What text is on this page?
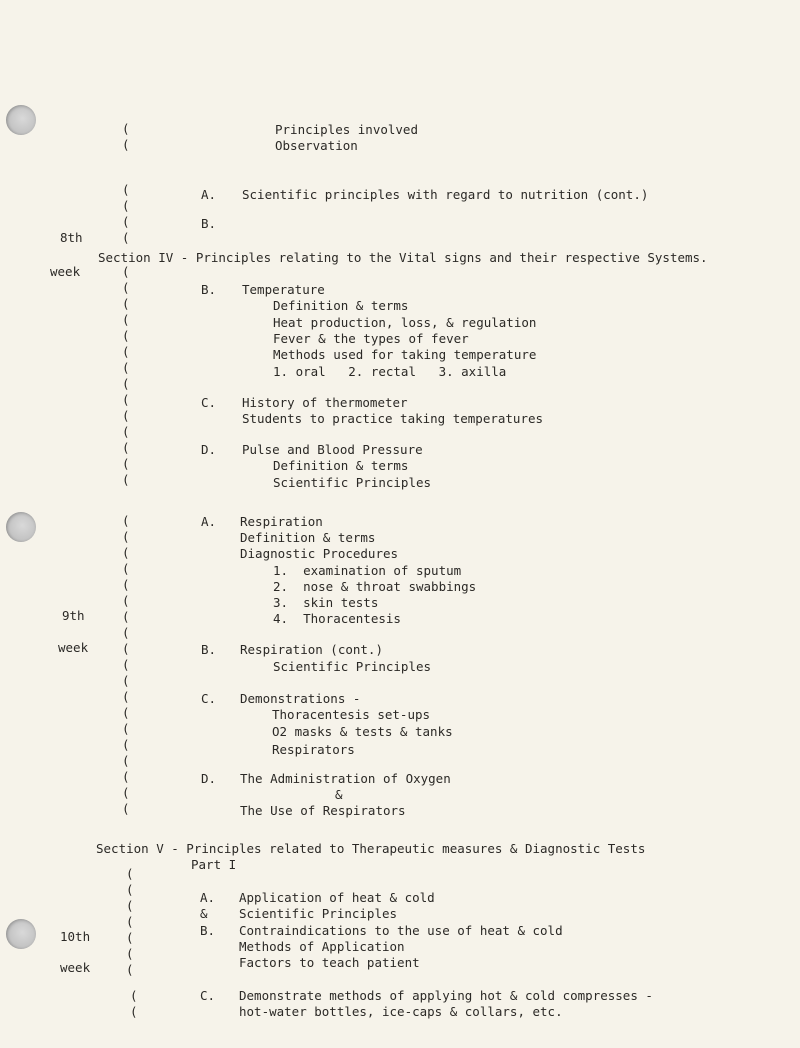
8th
week
9th
week
10th
week
(
(
(
(
(
(
(
(
(
(
(
(
(
(
(
(
(
(
(
(
(
(
(
(
(
(
(
(
(
(
(
(
(
(
(
(
(
(
(
(
(
(
(
(
(
(
(
(
Principles involved
Observation
A. Scientific principles with regard to nutrition (cont.)
B.
Section IV - Principles relating to the Vital signs and their respective Systems.
B. Temperature
Definition & terms
Heat production, loss, & regulation
Fever & the types of fever
Methods used for taking temperature
1. oral   2. rectal   3. axilla
C. History of thermometer
Students to practice taking temperatures
D. Pulse and Blood Pressure
Definition & terms
Scientific Principles
A. Respiration
Definition & terms
Diagnostic Procedures
1.  examination of sputum
2.  nose & throat swabbings
3.  skin tests
4.  Thoracentesis
B. Respiration (cont.)
Scientific Principles
C. Demonstrations -
Thoracentesis set-ups
O2 masks & tests & tanks
Respirators
D. The Administration of Oxygen
&
The Use of Respirators
Section V - Principles related to Therapeutic measures & Diagnostic Tests
Part I
A. Application of heat & cold
&	Scientific Principles
B. Contraindications to the use of heat & cold
Methods of Application
Factors to teach patient
C. Demonstrate methods of applying hot & cold compresses -
hot-water bottles, ice-caps & collars, etc.
